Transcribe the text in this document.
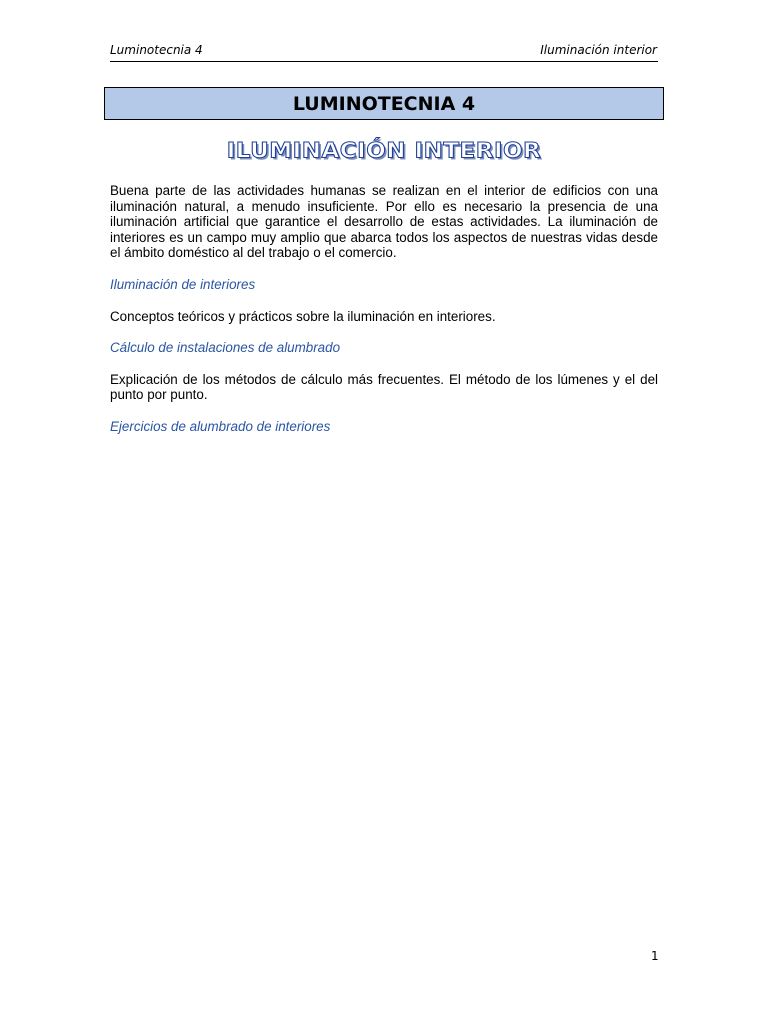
Luminotecnia 4	Iluminación interior
LUMINOTECNIA 4
ILUMINACIÓN INTERIOR

Buena parte de las actividades humanas se realizan en el interior de edificios con una iluminación natural, a menudo insuficiente. Por ello es necesario la presencia de una iluminación artificial que garantice el desarrollo de estas actividades. La iluminación de interiores es un campo muy amplio que abarca todos los aspectos de nuestras vidas desde el ámbito doméstico al del trabajo o el comercio.

Iluminación de interiores

Conceptos teóricos y prácticos sobre la iluminación en interiores.

Cálculo de instalaciones de alumbrado

Explicación de los métodos de cálculo más frecuentes. El método de los lúmenes y el del punto por punto.

Ejercicios de alumbrado de interiores

1
